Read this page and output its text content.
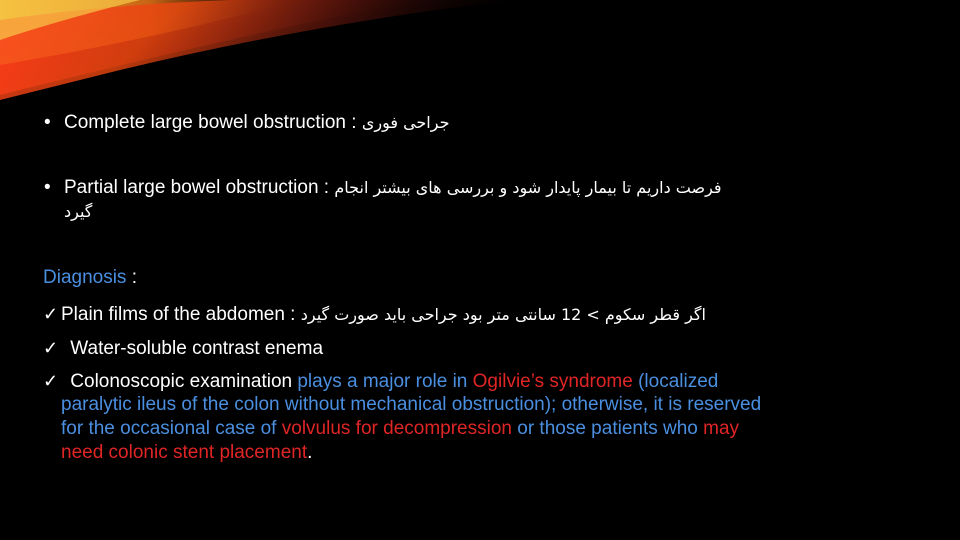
• Complete large bowel obstruction : جراحی فوری
• Partial large bowel obstruction : فرصت داریم تا بیمار پایدار شود و بررسی های بیشتر انجام
گیرد
Diagnosis :
✓ Plain films of the abdomen : اگر قطر سکوم > 12 سانتی متر بود جراحی باید صورت گیرد
✓ Water-soluble contrast enema
✓ Colonoscopic examination plays a major role in Ogilvie’s syndrome (localized
paralytic ileus of the colon without mechanical obstruction); otherwise, it is reserved
for the occasional case of volvulus for decompression or those patients who may
need colonic stent placement.
